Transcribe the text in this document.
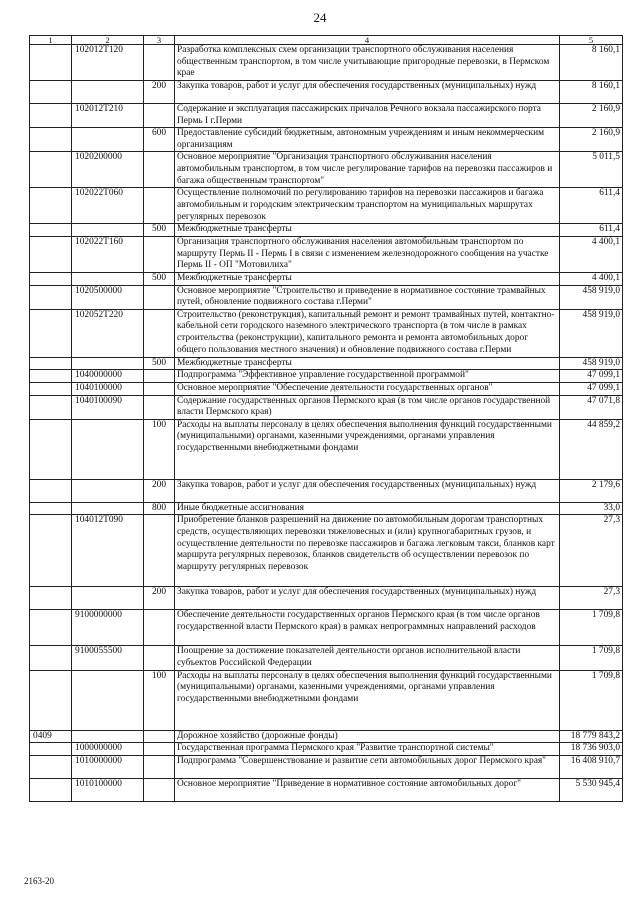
24
1	2	3	4	5
	102012Т120		Разработка комплексных схем организации транспортного обслуживания населения общественным транспортом, в том числе учитывающие пригородные перевозки, в Пермском крае	8 160,1
		200	Закупка товаров, работ и услуг для обеспечения государственных (муниципальных) нужд	8 160,1
	102012Т210		Содержание и эксплуатация пассажирских причалов Речного вокзала пассажирского порта Пермь I г.Перми	2 160,9
		600	Предоставление субсидий бюджетным, автономным учреждениям и иным некоммерческим организациям	2 160,9
	1020200000		Основное мероприятие "Организация транспортного обслуживания населения автомобильным транспортом, в том числе регулирование тарифов на перевозки пассажиров и багажа общественным транспортом"	5 011,5
	102022Т060		Осуществление полномочий по регулированию тарифов на перевозки пассажиров и багажа автомобильным и городским электрическим транспортом на муниципальных маршрутах регулярных перевозок	611,4
		500	Межбюджетные трансферты	611,4
	102022Т160		Организация транспортного обслуживания населения автомобильным транспортом по маршруту Пермь II - Пермь I в связи с изменением железнодорожного сообщения на участке Пермь II - ОП "Мотовилиха"	4 400,1
		500	Межбюджетные трансферты	4 400,1
	1020500000		Основное мероприятие "Строительство и приведение в нормативное состояние трамвайных путей, обновление подвижного состава г.Перми"	458 919,0
	102052Т220		Строительство (реконструкция), капитальный ремонт и ремонт трамвайных путей, контактно-кабельной сети городского наземного электрического транспорта (в том числе в рамках строительства (реконструкции), капитального ремонта и ремонта автомобильных дорог общего пользования местного значения) и обновление подвижного состава г.Перми	458 919,0
		500	Межбюджетные трансферты	458 919,0
	1040000000		Подпрограмма "Эффективное управление государственной программой"	47 099,1
	1040100000		Основное мероприятие "Обеспечение деятельности государственных органов"	47 099,1
	1040100090		Содержание государственных органов Пермского края (в том числе органов государственной власти Пермского края)	47 071,8
		100	Расходы на выплаты персоналу в целях обеспечения выполнения функций государственными (муниципальными) органами, казенными учреждениями, органами управления государственными внебюджетными фондами	44 859,2
		200	Закупка товаров, работ и услуг для обеспечения государственных (муниципальных) нужд	2 179,6
		800	Иные бюджетные ассигнования	33,0
	104012Т090		Приобретение бланков разрешений на движение по автомобильным дорогам транспортных средств, осуществляющих перевозки тяжеловесных и (или) крупногабаритных грузов, и осуществление деятельности по перевозке пассажиров и багажа легковым такси, бланков карт маршрута регулярных перевозок, бланков свидетельств об осуществлении перевозок по маршруту регулярных перевозок	27,3
		200	Закупка товаров, работ и услуг для обеспечения государственных (муниципальных) нужд	27,3
	9100000000		Обеспечение деятельности государственных органов Пермского края (в том числе органов государственной власти Пермского края) в рамках непрограммных направлений расходов	1 709,8
	9100055500		Поощрение за достижение показателей деятельности органов исполнительной власти субъектов Российской Федерации	1 709,8
		100	Расходы на выплаты персоналу в целях обеспечения выполнения функций государственными (муниципальными) органами, казенными учреждениями, органами управления государственными внебюджетными фондами	1 709,8
0409			Дорожное хозяйство (дорожные фонды)	18 779 843,2
	1000000000		Государственная программа Пермского края "Развитие транспортной системы"	18 736 903,0
	1010000000		Подпрограмма "Совершенствование и развитие сети автомобильных дорог Пермского края"	16 408 910,7
	1010100000		Основное мероприятие "Приведение в нормативное состояние автомобильных дорог"	5 530 945,4
2163-20
